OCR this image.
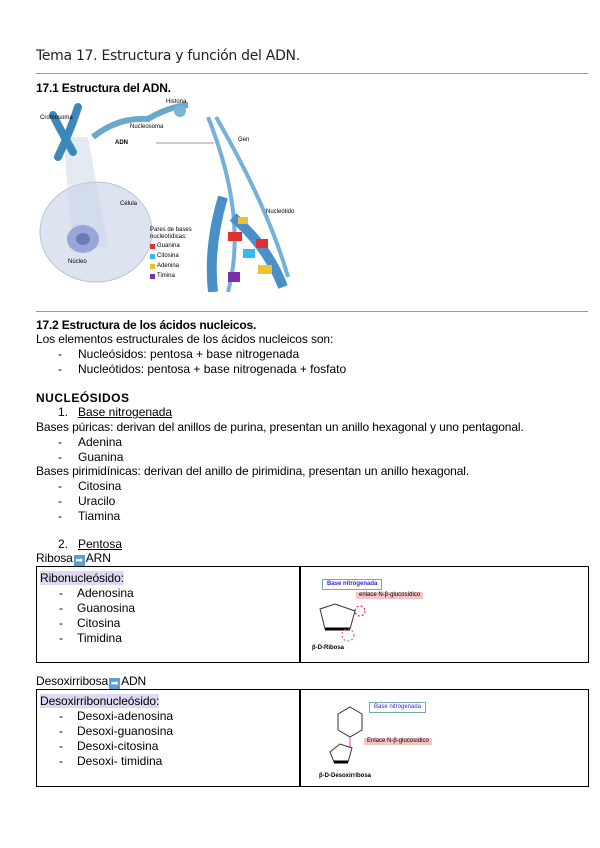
Tema 17. Estructura y función del ADN.
17.1 Estructura del ADN.
Cromosoma
Histona
Nucleosoma
ADN	Gen
Célula
Núcleo
Nucleótido
Pares de bases nucleotídicas:
Guanina
Citosina
Adenina
Timina
17.2 Estructura de los ácidos nucleicos.
Los elementos estructurales de los ácidos nucleicos son:
- Nucleósidos: pentosa + base nitrogenada
- Nucleótidos: pentosa + base nitrogenada + fosfato
NUCLEÓSIDOS
1. Base nitrogenada
Bases púricas: derivan del anillos de purina, presentan un anillo hexagonal y uno pentagonal.
- Adenina
- Guanina
Bases pirimidínicas: derivan del anillo de pirimidina, presentan un anillo hexagonal.
- Citosina
- Uracilo
- Tiamina
2. Pentosa
Ribosa ➡ ARN
Ribonucleósido:
- Adenosina
- Guanosina
- Citosina
- Timidina
Base nitrogenada
enlace N-β-glucosídico
β-D-Ribosa
Desoxirribosa ➡ ADN
Desoxirribonucleósido:
- Desoxi-adenosina
- Desoxi-guanosina
- Desoxi-citosina
- Desoxi- timidina
Base nitrogenada
Enlace N-β-glucosídico
β-D-Desoxirribosa
